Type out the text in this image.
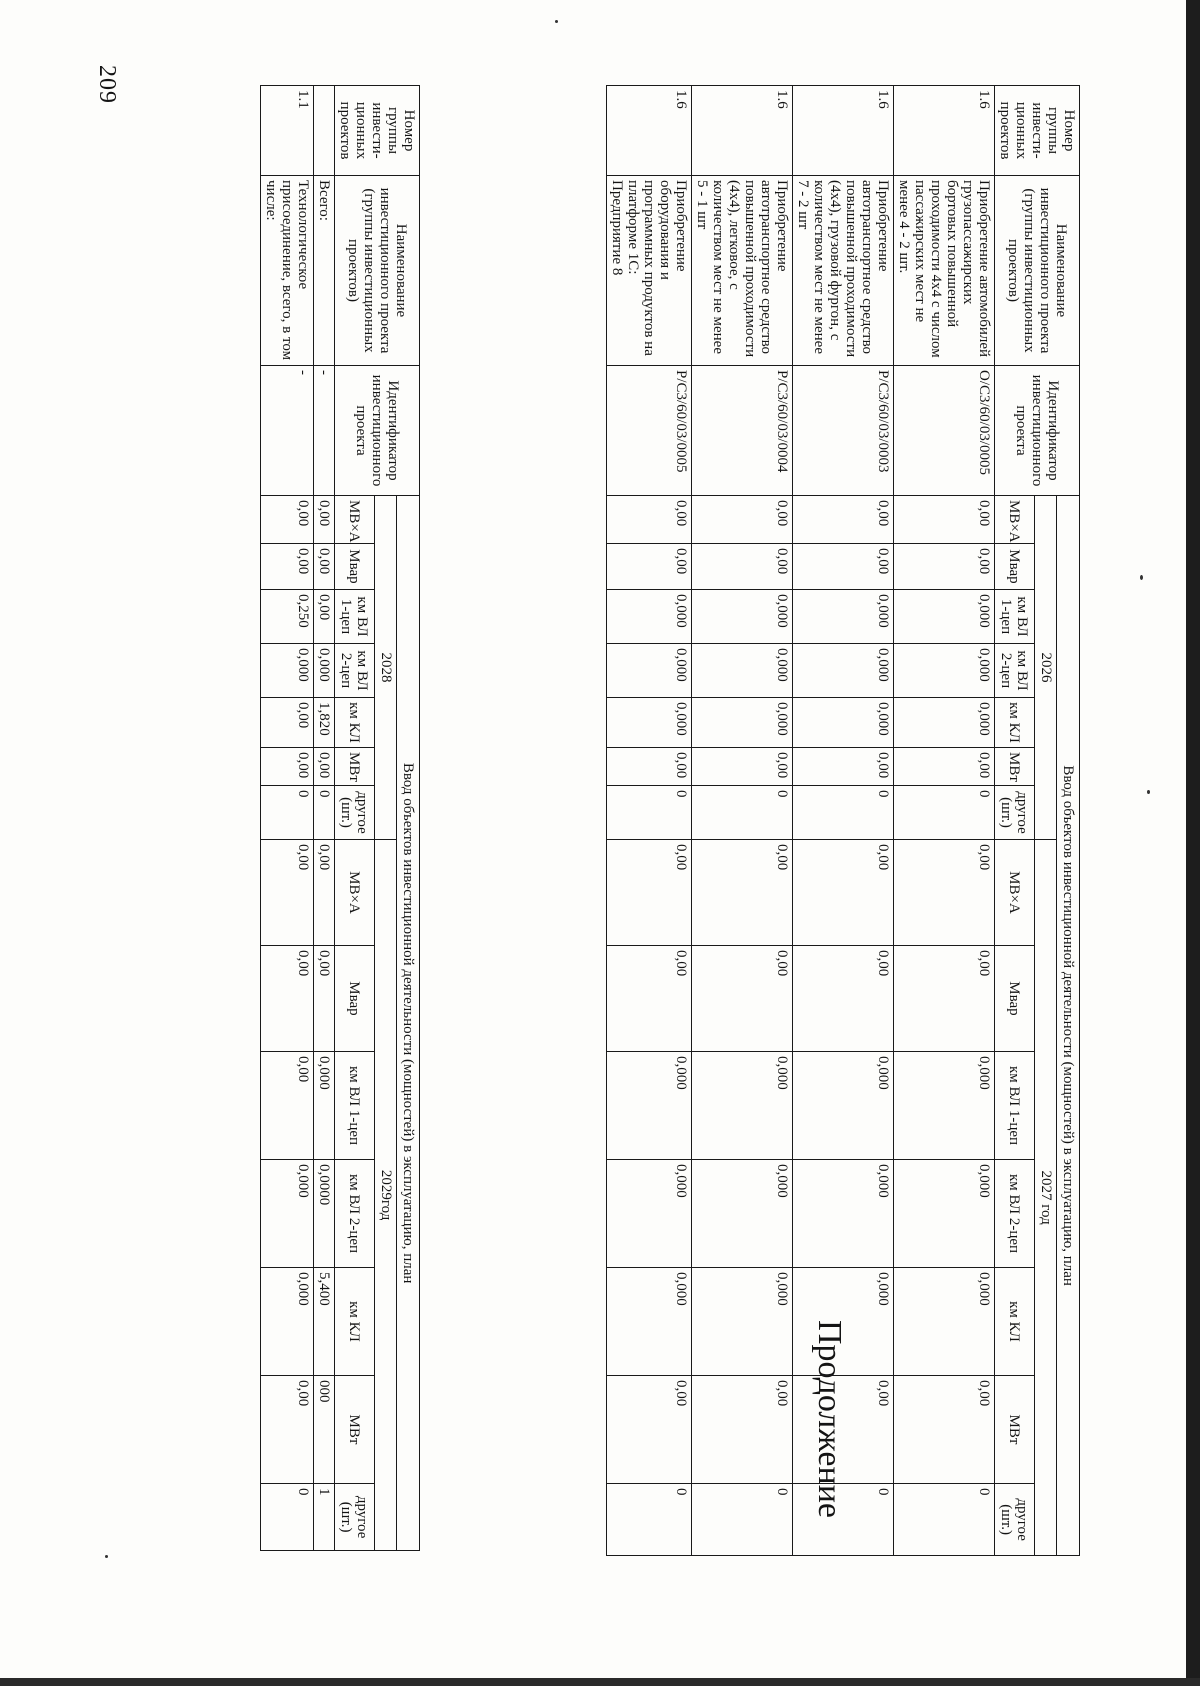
209
Продолжение
Номер группы инвести-ционных проектов	Наименование инвестиционного проекта (группы инвестиционных проектов)	Идентификатор инвестиционного проекта	Ввод объектов инвестиционной деятельности (мощностей) в эксплуатацию, план													
			2026							2027 год						
			МВ×А	Мвар	км ВЛ 1-цеп	км ВЛ 2-цеп	км КЛ	МВт	другое (шт.)	МВ×А	Мвар	км ВЛ 1-цеп	км ВЛ 2-цеп	км КЛ	МВт	другое (шт.)
1.6	Приобретение автомобилей грузопассажирских бортовых повышенной проходимости 4х4 с числом пассажирских мест не менее 4 - 2 шт.	О/С3/60/03/0005	0,00	0,00	0,000	0,000	0,000	0,00	0	0,00	0,00	0,000	0,000	0,000	0,00	0
1.6	Приобретение автотранспортное средство повышенной проходимости (4х4), грузовой фургон, с количеством мест не менее 7 - 2 шт	Р/С3/60/03/0003	0,00	0,00	0,000	0,000	0,000	0,00	0	0,00	0,00	0,000	0,000	0,000	0,00	0
1.6	Приобретение автотранспортное средство повышенной проходимости (4х4), легковое, с количеством мест не менее 5 - 1 шт	Р/С3/60/03/0004	0,00	0,00	0,000	0,000	0,000	0,00	0	0,00	0,00	0,000	0,000	0,000	0,00	0
1.6	Приобретение оборудования и программных продуктов на платформе 1С: Предприятие 8	Р/С3/60/03/0005	0,00	0,00	0,000	0,000	0,000	0,00	0	0,00	0,00	0,000	0,000	0,000	0,00	0
Номер группы инвести-ционных проектов	Наименование инвестиционного проекта (группы инвестиционных проектов)	Идентификатор инвестиционного проекта	Ввод объектов инвестиционной деятельности (мощностей) в эксплуатацию, план													
			2028							2029год						
			МВ×А	Мвар	км ВЛ 1-цеп	км ВЛ 2-цеп	км КЛ	МВт	другое (шт.)	МВ×А	Мвар	км ВЛ 1-цеп	км ВЛ 2-цеп	км КЛ	МВт	другое (шт.)
	Всего:	-	0,00	0,00	0,00	0,000	1,820	0,00	0	0,00	0,00	0,000	0,0000	5,400	000	1
1.1	Технологическое присоединение, всего, в том числе:	-	0,00	0,00	0,250	0,000	0,00	0,00	0	0,00	0,00	0,00	0,000	0,000	0,00	0
